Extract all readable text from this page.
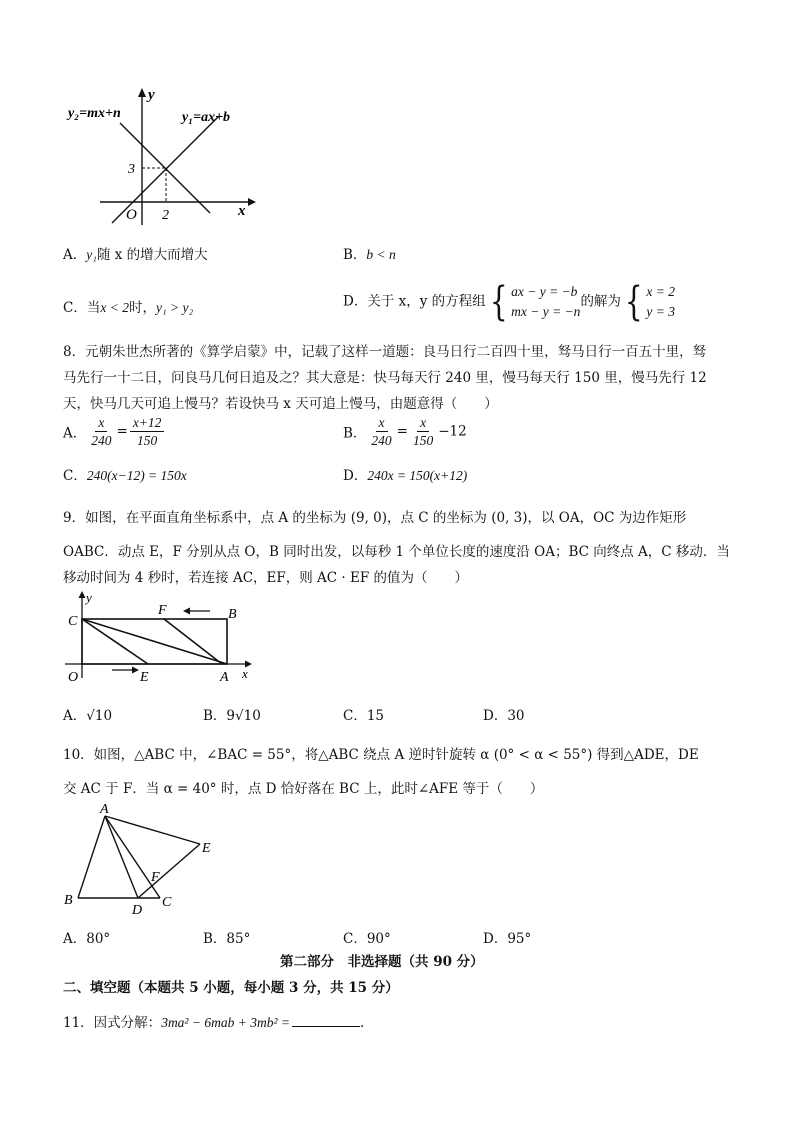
y₂=mx+n	y₁=ax+b
y
x
O
3
2
A．y₁随 x 的增大而增大	B．b < n
C．当x < 2时，y₁ > y₂	D．关于 x，y 的方程组 { ax − y = −b
mx − y = −n
的解为 { x = 2
y = 3
8．元朝朱世杰所著的《算学启蒙》中，记载了这样一道题：良马日行二百四十里，驽马日行一百五十里，驽
马先行一十二日，问良马几何日追及之？其大意是：快马每天行 240 里，慢马每天行 150 里，慢马先行 12
天，快马几天可追上慢马？若设快马 x 天可追上慢马，由题意得（　　）
A． $\frac{x}{240} = \frac{x+12}{150}$	B． $\frac{x}{240} = \frac{x}{150} -12$
C．240(x−12) = 150x	D．240x = 150(x+12)
9．如图，在平面直角坐标系中，点 A 的坐标为 (9, 0)，点 C 的坐标为 (0, 3)，以 OA，OC 为边作矩形
OABC．动点 E，F 分别从点 O，B 同时出发，以每秒 1 个单位长度的速度沿 OA；BC 向终点 A，C 移动．当
移动时间为 4 秒时，若连接 AC，EF，则 AC · EF 的值为（　　）
y
x
C
F	B
O	E	A
A．√10	B．9√10	C．15	D．30
10．如图，△ABC 中，∠BAC = 55°，将△ABC 绕点 A 逆时针旋转 α (0° < α < 55°) 得到△ADE，DE
交 AC 于 F．当 α = 40° 时，点 D 恰好落在 BC 上，此时∠AFE 等于（　　）
A
E
F
B
D
C
A．80°	B．85°	C．90°	D．95°
第二部分　非选择题（共 90 分）
二、填空题（本题共 5 小题，每小题 3 分，共 15 分）
11．因式分解：3ma² − 6mab + 3mb² =	.
